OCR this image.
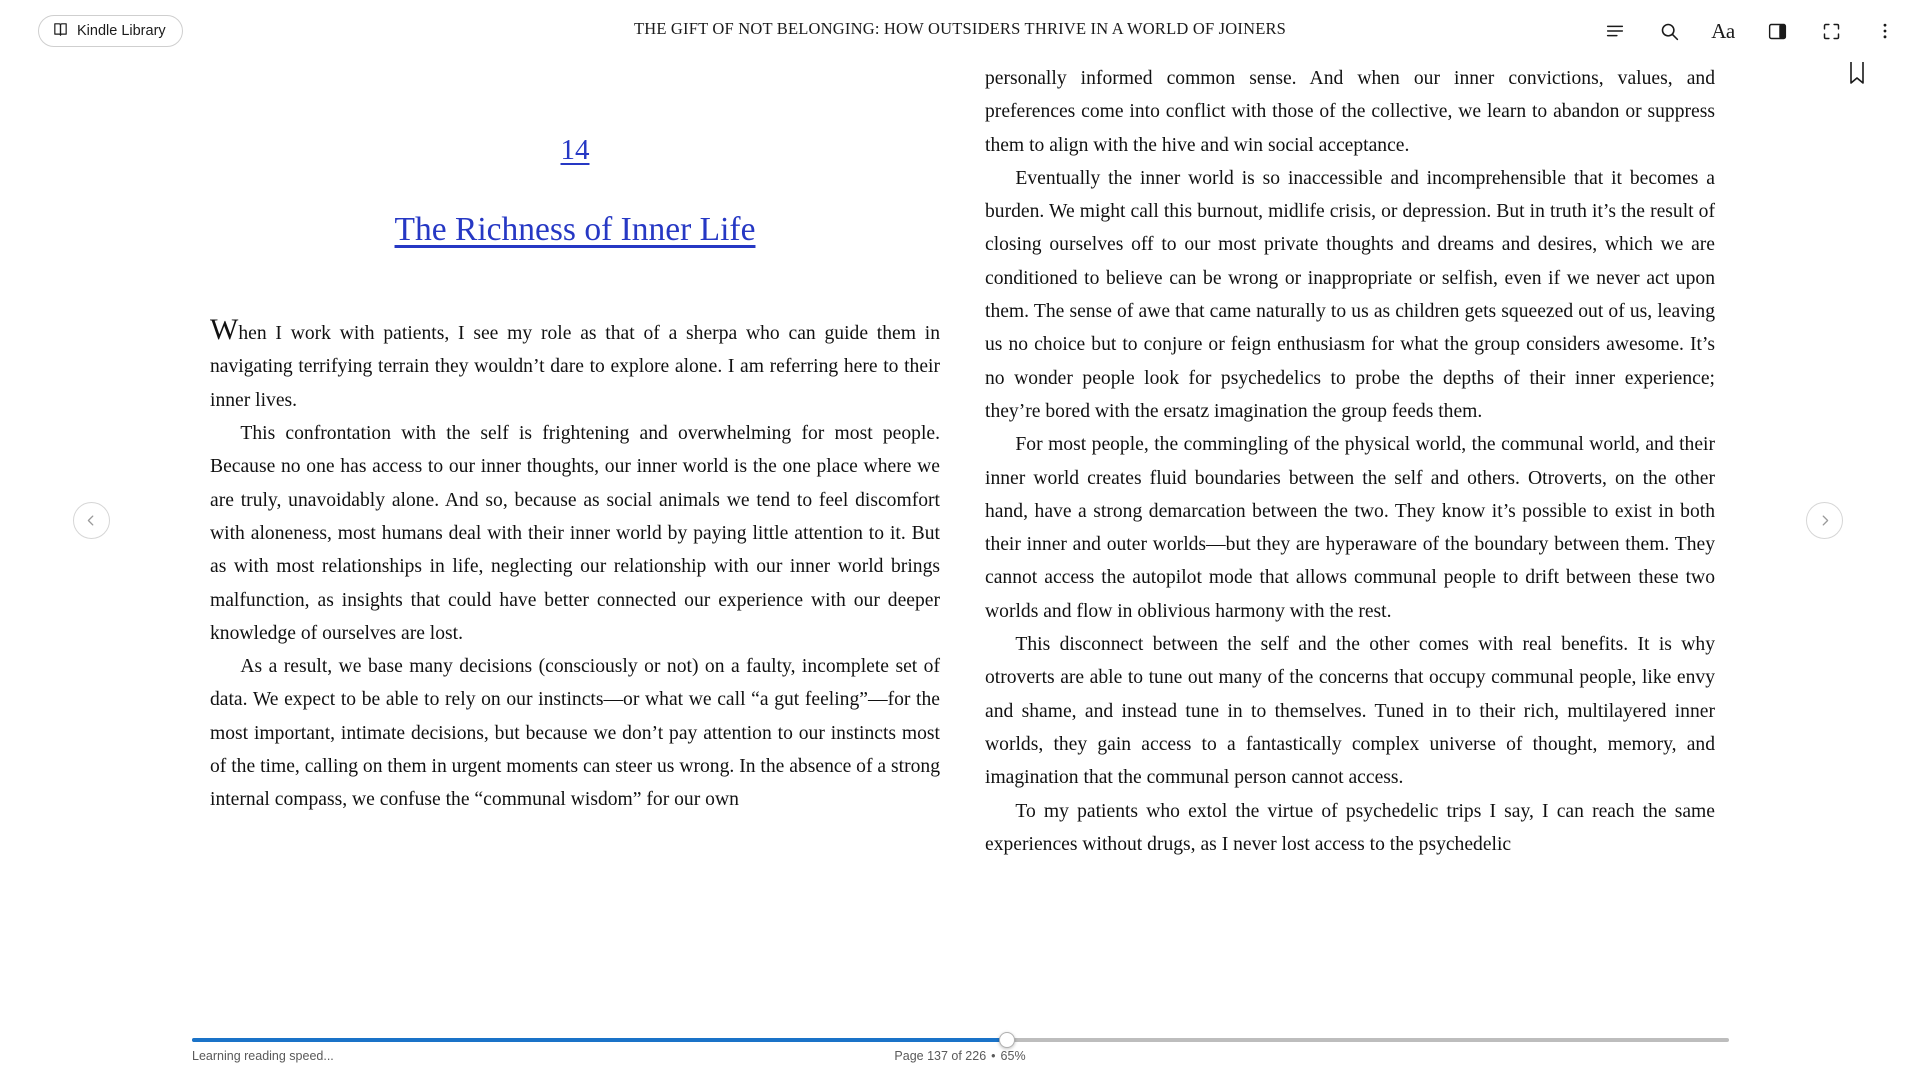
Kindle Library	THE GIFT OF NOT BELONGING: HOW OUTSIDERS THRIVE IN A WORLD OF JOINERS	Aa
14
The Richness of Inner Life

When I work with patients, I see my role as that of a sherpa who can guide them in navigating terrifying terrain they wouldn’t dare to explore alone. I am referring here to their inner lives.

This confrontation with the self is frightening and overwhelming for most people. Because no one has access to our inner thoughts, our inner world is the one place where we are truly, unavoidably alone. And so, because as social animals we tend to feel discomfort with aloneness, most humans deal with their inner world by paying little attention to it. But as with most relationships in life, neglecting our relationship with our inner world brings malfunction, as insights that could have better connected our experience with our deeper knowledge of ourselves are lost.

As a result, we base many decisions (consciously or not) on a faulty, incomplete set of data. We expect to be able to rely on our instincts—or what we call “a gut feeling”—for the most important, intimate decisions, but because we don’t pay attention to our instincts most of the time, calling on them in urgent moments can steer us wrong. In the absence of a strong internal compass, we confuse the “communal wisdom” for our own

personally informed common sense. And when our inner convictions, values, and preferences come into conflict with those of the collective, we learn to abandon or suppress them to align with the hive and win social acceptance.

Eventually the inner world is so inaccessible and incomprehensible that it becomes a burden. We might call this burnout, midlife crisis, or depression. But in truth it’s the result of closing ourselves off to our most private thoughts and dreams and desires, which we are conditioned to believe can be wrong or inappropriate or selfish, even if we never act upon them. The sense of awe that came naturally to us as children gets squeezed out of us, leaving us no choice but to conjure or feign enthusiasm for what the group considers awesome. It’s no wonder people look for psychedelics to probe the depths of their inner experience; they’re bored with the ersatz imagination the group feeds them.

For most people, the commingling of the physical world, the communal world, and their inner world creates fluid boundaries between the self and others. Otroverts, on the other hand, have a strong demarcation between the two. They know it’s possible to exist in both their inner and outer worlds—but they are hyperaware of the boundary between them. They cannot access the autopilot mode that allows communal people to drift between these two worlds and flow in oblivious harmony with the rest.

This disconnect between the self and the other comes with real benefits. It is why otroverts are able to tune out many of the concerns that occupy communal people, like envy and shame, and instead tune in to themselves. Tuned in to their rich, multilayered inner worlds, they gain access to a fantastically complex universe of thought, memory, and imagination that the communal person cannot access.

To my patients who extol the virtue of psychedelic trips I say, I can reach the same experiences without drugs, as I never lost access to the psychedelic

Learning reading speed...	Page 137 of 226 • 65%
